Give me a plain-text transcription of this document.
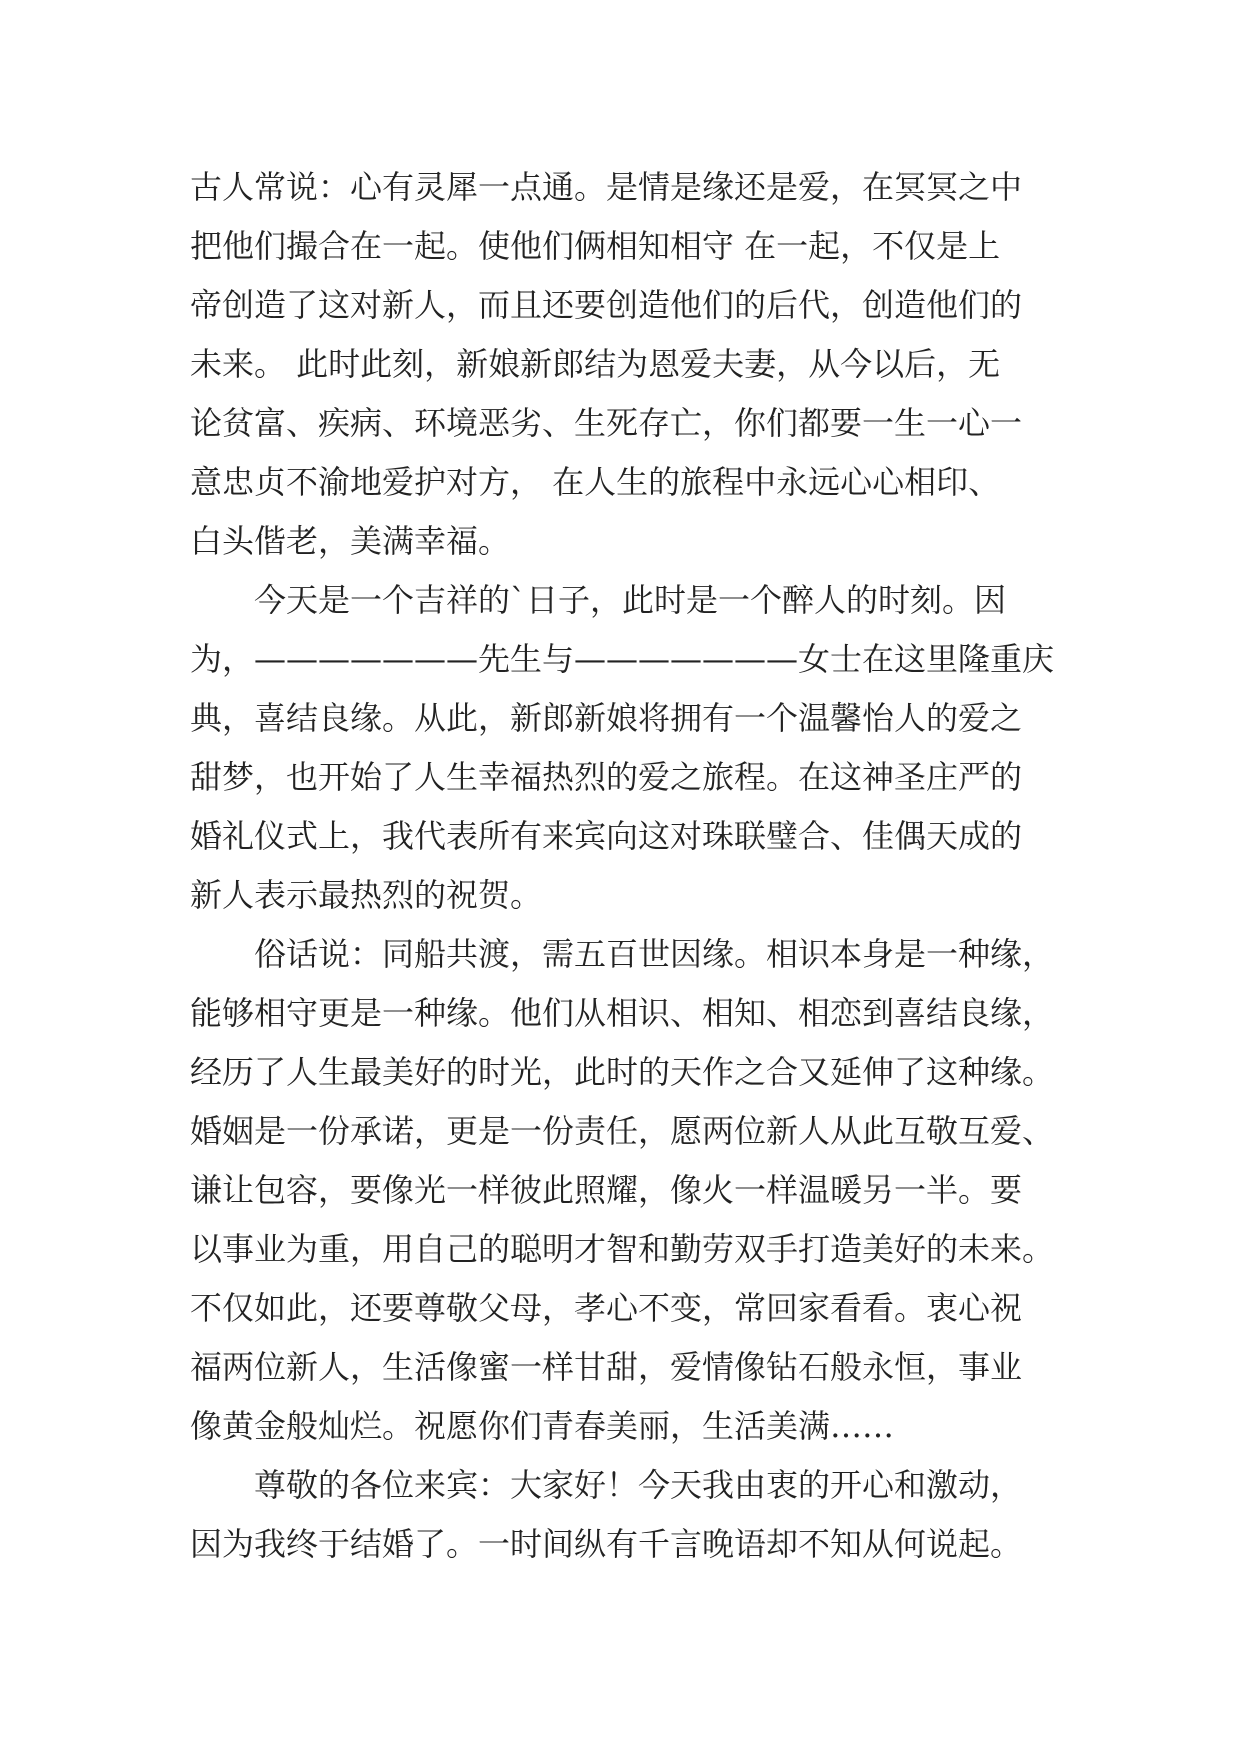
古人常说：心有灵犀一点通。是情是缘还是爱，在冥冥之中
把他们撮合在一起。使他们俩相知相守 在一起，不仅是上
帝创造了这对新人，而且还要创造他们的后代，创造他们的
未来。 此时此刻，新娘新郎结为恩爱夫妻，从今以后，无
论贫富、疾病、环境恶劣、生死存亡，你们都要一生一心一
意忠贞不渝地爱护对方， 在人生的旅程中永远心心相印、
白头偕老，美满幸福。
今天是一个吉祥的`日子，此时是一个醉人的时刻。因
为，———————先生与———————女士在这里隆重庆
典，喜结良缘。从此，新郎新娘将拥有一个温馨怡人的爱之
甜梦，也开始了人生幸福热烈的爱之旅程。在这神圣庄严的
婚礼仪式上，我代表所有来宾向这对珠联璧合、佳偶天成的
新人表示最热烈的祝贺。
俗话说：同船共渡，需五百世因缘。相识本身是一种缘，
能够相守更是一种缘。他们从相识、相知、相恋到喜结良缘，
经历了人生最美好的时光，此时的天作之合又延伸了这种缘。
婚姻是一份承诺，更是一份责任，愿两位新人从此互敬互爱、
谦让包容，要像光一样彼此照耀，像火一样温暖另一半。要
以事业为重，用自己的聪明才智和勤劳双手打造美好的未来。
不仅如此，还要尊敬父母，孝心不变，常回家看看。衷心祝
福两位新人，生活像蜜一样甘甜，爱情像钻石般永恒，事业
像黄金般灿烂。祝愿你们青春美丽，生活美满……
尊敬的各位来宾：大家好！今天我由衷的开心和激动，
因为我终于结婚了。一时间纵有千言晚语却不知从何说起。
